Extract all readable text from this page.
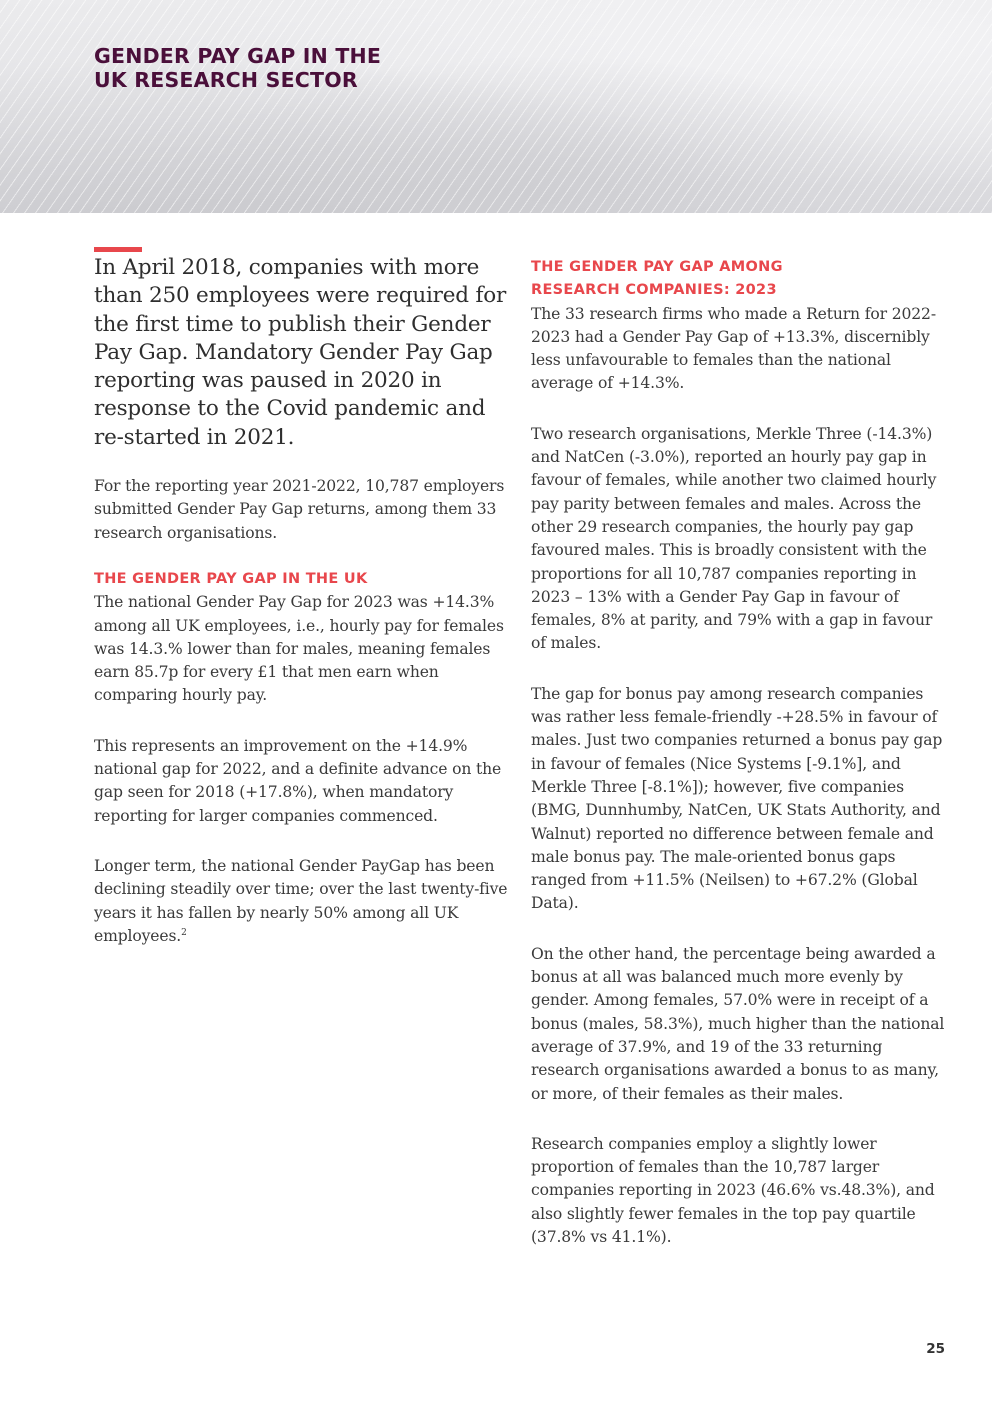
GENDER PAY GAP IN THE
UK RESEARCH SECTOR

In April 2018, companies with more than 250 employees were required for the first time to publish their Gender Pay Gap. Mandatory Gender Pay Gap reporting was paused in 2020 in response to the Covid pandemic and re-started in 2021.

For the reporting year 2021-2022, 10,787 employers submitted Gender Pay Gap returns, among them 33 research organisations.

THE GENDER PAY GAP IN THE UK

The national Gender Pay Gap for 2023 was +14.3% among all UK employees, i.e., hourly pay for females was 14.3.% lower than for males, meaning females earn 85.7p for every £1 that men earn when comparing hourly pay.

This represents an improvement on the +14.9% national gap for 2022, and a definite advance on the gap seen for 2018 (+17.8%), when mandatory reporting for larger companies commenced.

Longer term, the national Gender PayGap has been declining steadily over time; over the last twenty-five years it has fallen by nearly 50% among all UK employees.$^2$

THE GENDER PAY GAP AMONG
RESEARCH COMPANIES: 2023

The 33 research firms who made a Return for 2022-2023 had a Gender Pay Gap of +13.3%, discernibly less unfavourable to females than the national average of +14.3%.

Two research organisations, Merkle Three (-14.3%) and NatCen (-3.0%), reported an hourly pay gap in favour of females, while another two claimed hourly pay parity between females and males. Across the other 29 research companies, the hourly pay gap favoured males. This is broadly consistent with the proportions for all 10,787 companies reporting in 2023 – 13% with a Gender Pay Gap in favour of females, 8% at parity, and 79% with a gap in favour of males.

The gap for bonus pay among research companies was rather less female-friendly -+28.5% in favour of males. Just two companies returned a bonus pay gap in favour of females (Nice Systems [-9.1%], and Merkle Three [-8.1%]); however, five companies (BMG, Dunnhumby, NatCen, UK Stats Authority, and Walnut) reported no difference between female and male bonus pay. The male-oriented bonus gaps ranged from +11.5% (Neilsen) to +67.2% (Global Data).

On the other hand, the percentage being awarded a bonus at all was balanced much more evenly by gender. Among females, 57.0% were in receipt of a bonus (males, 58.3%), much higher than the national average of 37.9%, and 19 of the 33 returning research organisations awarded a bonus to as many, or more, of their females as their males.

Research companies employ a slightly lower proportion of females than the 10,787 larger companies reporting in 2023 (46.6% vs.48.3%), and also slightly fewer females in the top pay quartile (37.8% vs 41.1%).

25
